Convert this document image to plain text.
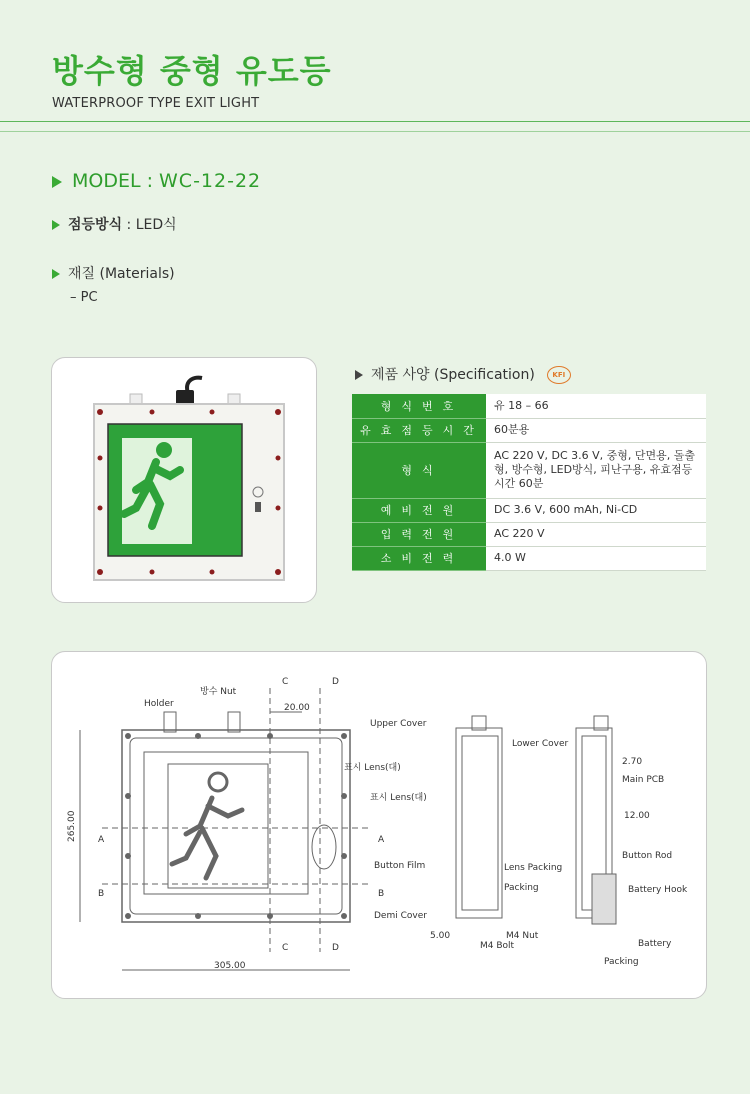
방수형 중형 유도등
WATERPROOF TYPE EXIT LIGHT
MODEL : WC-12-22
점등방식 : LED식
재질 (Materials)
– PC
제품 사양 (Specification)	KFI
형식번호	유 18 – 66
유효점등시간	60분용
형식	AC 220 V, DC 3.6 V, 중형, 단면용, 돌출형, 방수형, LED방식, 피난구용, 유효점등시간 60분
예비전원	DC 3.6 V, 600 mAh, Ni-CD
입력전원	AC 220 V
소비전력	4.0 W
Holder
방수 Nut
C	D
20.00
표시 Lens(대)
표시 Lens(대)
A	A
B	B
265.00
305.00
C	D
Button Film
Upper Cover
Lower Cover
Lens Packing
Packing
Demi Cover
M4 Nut
M4 Bolt
5.00
2.70
Main PCB
12.00
Button Rod
Battery Hook
Battery
Packing
